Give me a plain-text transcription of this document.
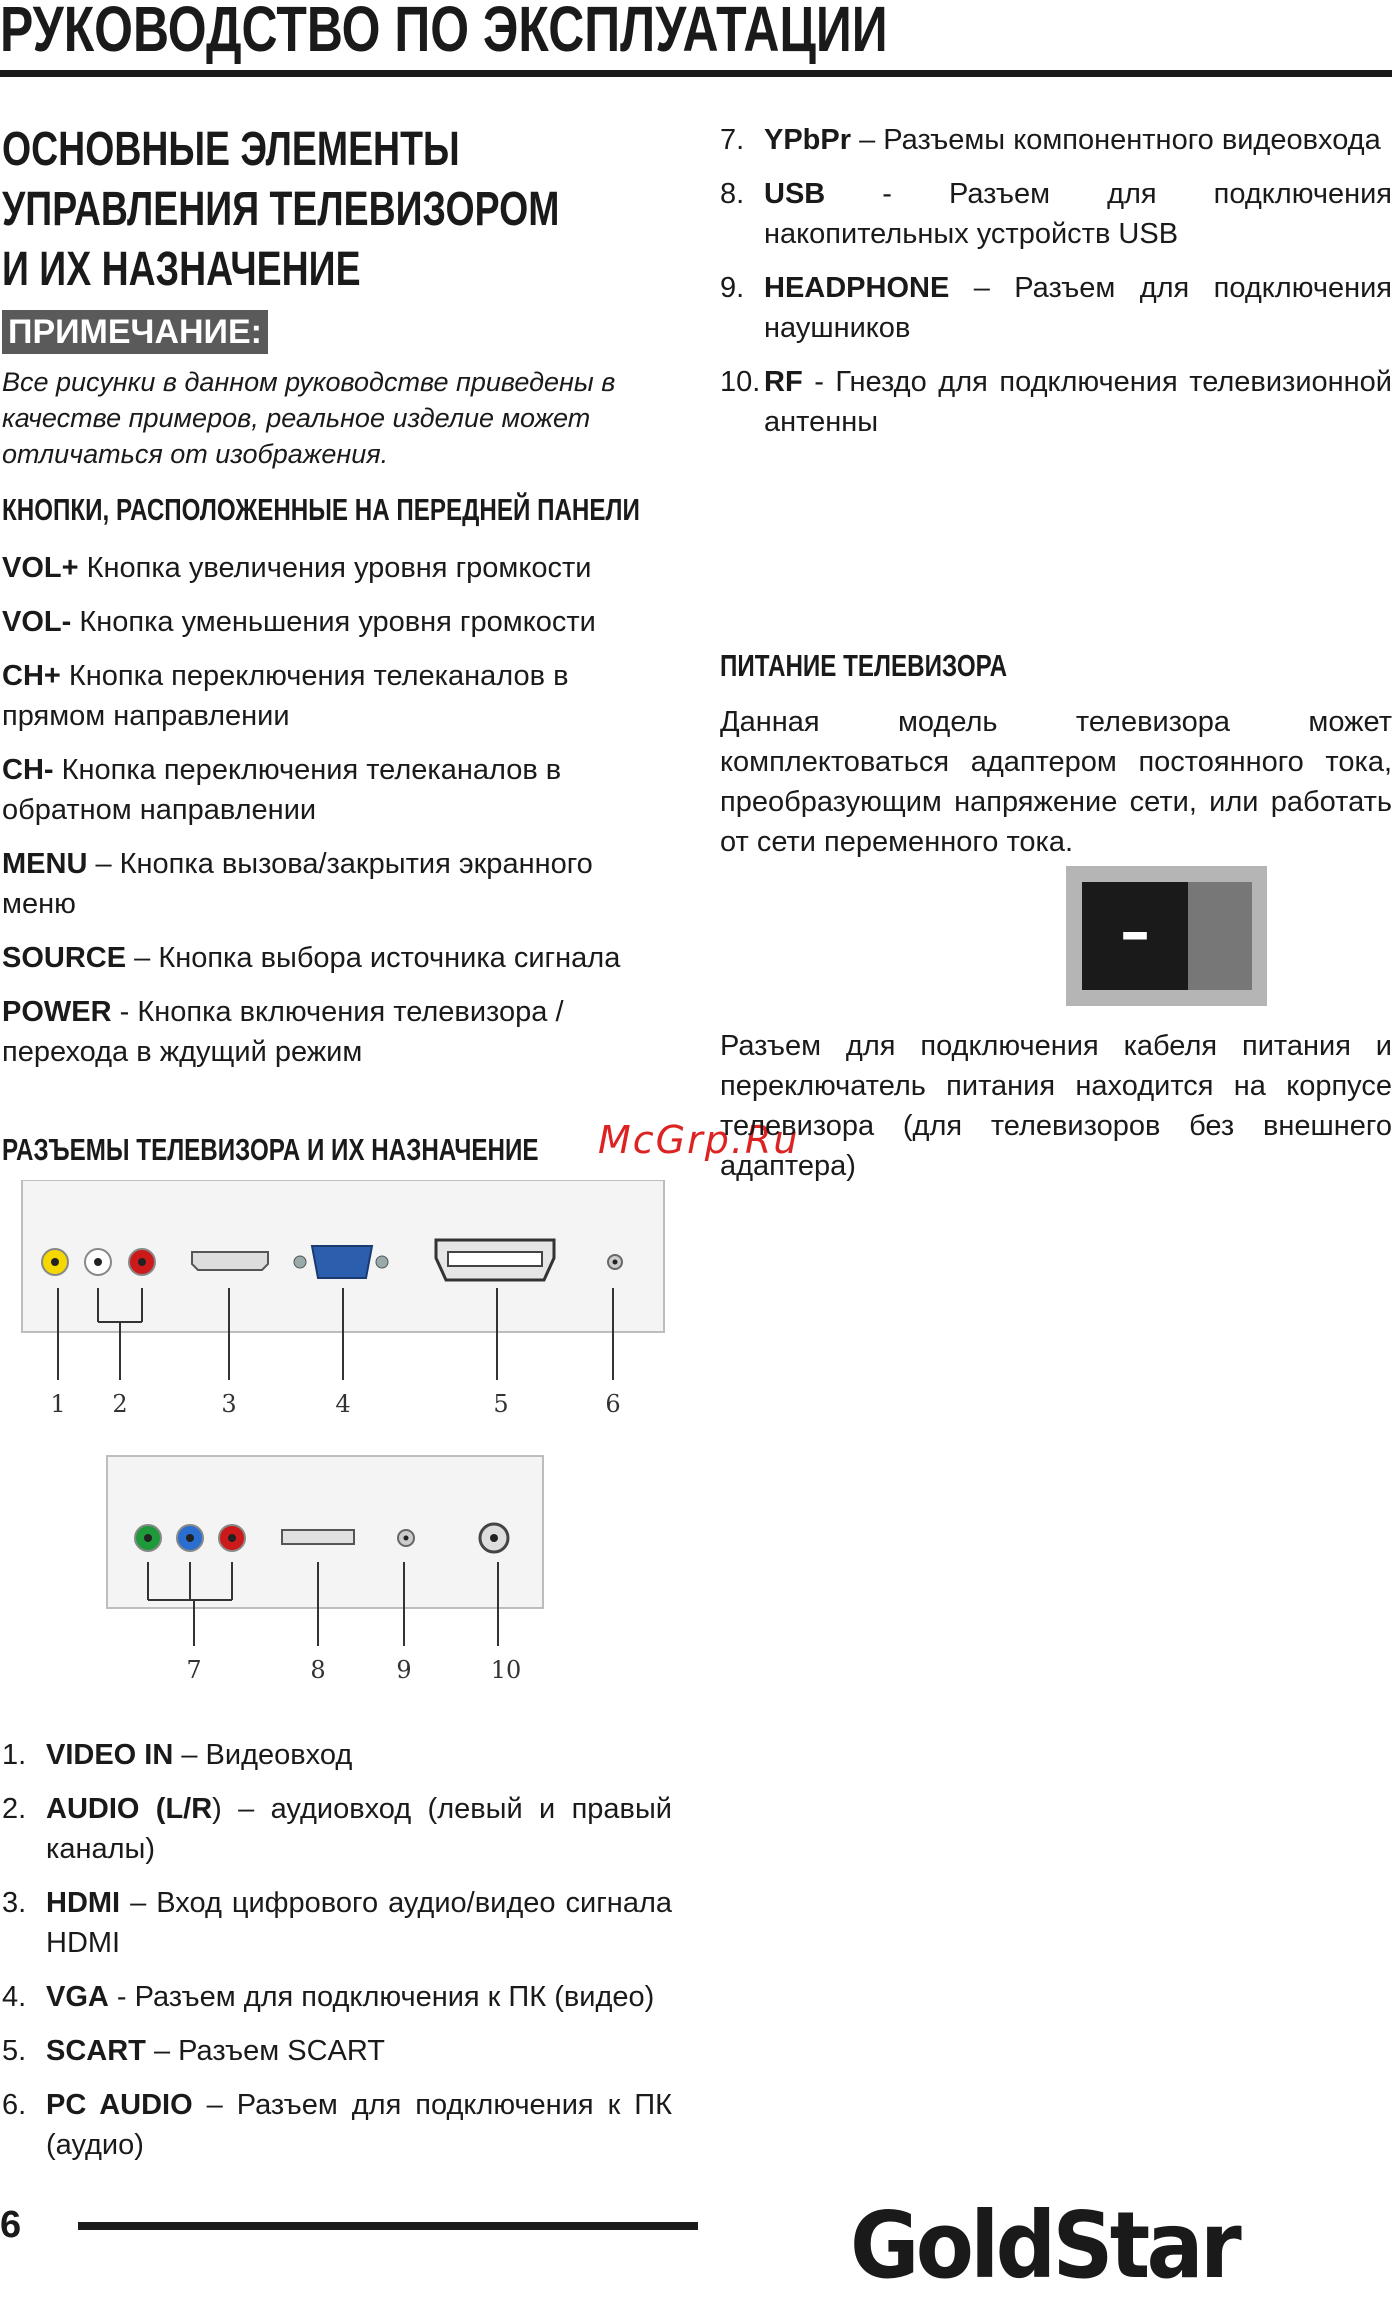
РУКОВОДСТВО ПО ЭКСПЛУАТАЦИИ
ОСНОВНЫЕ ЭЛЕМЕНТЫ
УПРАВЛЕНИЯ ТЕЛЕВИЗОРОМ
И ИХ НАЗНАЧЕНИЕ
ПРИМЕЧАНИЕ:

Все рисунки в данном руководстве приведены в качестве примеров, реальное изделие может отличаться от изображения.

КНОПКИ, РАСПОЛОЖЕННЫЕ НА ПЕРЕДНЕЙ ПАНЕЛИ

VOL+ Кнопка увеличения уровня громкости

VOL- Кнопка уменьшения уровня громкости

CH+ Кнопка переключения телеканалов в прямом направлении

CH- Кнопка переключения телеканалов в обратном направлении

MENU – Кнопка вызова/закрытия экранного меню

SOURCE – Кнопка выбора источника сигнала

POWER - Кнопка включения телевизора / перехода в ждущий режим

РАЗЪЕМЫ ТЕЛЕВИЗОРА И ИХ НАЗНАЧЕНИЕ	McGrp.Ru
1 2	3	4	5	6
7	8	9	10
1. VIDEO IN – Видеовход
2. AUDIO (L/R) – аудиовход (левый и правый каналы)
3. HDMI – Вход цифрового аудио/видео сигнала HDMI
4. VGA - Разъем для подключения к ПК (видео)
5. SCART – Разъем SCART
6. PC AUDIO – Разъем для подключения к ПК (аудио)
7. YPbPr – Разъемы компонентного видеовхода
8. USB - Разъем для подключения накопительных устройств USB
9. HEADPHONE – Разъем для подключения наушников
10. RF - Гнездо для подключения телевизионной антенны
ПИТАНИЕ ТЕЛЕВИЗОРА

Данная модель телевизора может комплектоваться адаптером постоянного тока, преобразующим напряжение сети, или работать от сети переменного тока.

Разъем для подключения кабеля питания и переключатель питания находится на корпусе телевизора (для телевизоров без внешнего адаптера)

–
6	GoldStar
